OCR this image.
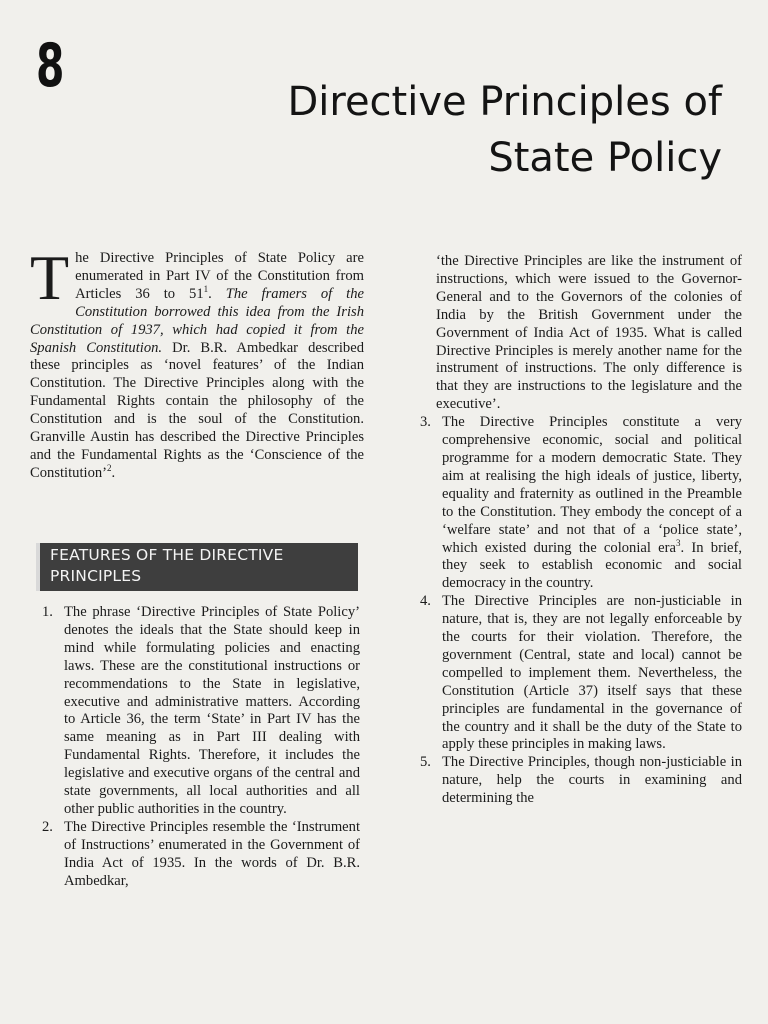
8
Directive Principles of
State Policy

The Directive Principles of State Policy are enumerated in Part IV of the Constitution from Articles 36 to $51^1$. The framers of the Constitution borrowed this idea from the Irish Constitution of 1937, which had copied it from the Spanish Constitution. Dr. B.R. Ambedkar described these principles as ‘novel features’ of the Indian Constitution. The Directive Principles along with the Fundamental Rights contain the philosophy of the Constitution and is the soul of the Constitution. Granville Austin has described the Directive Principles and the Fundamental Rights as the ‘Conscience of the Constitution’$^2$.

FEATURES OF THE DIRECTIVE PRINCIPLES
1. The phrase ‘Directive Principles of State Policy’ denotes the ideals that the State should keep in mind while formulating policies and enacting laws. These are the constitutional instructions or recommendations to the State in legislative, executive and administrative matters. According to Article 36, the term ‘State’ in Part IV has the same meaning as in Part III dealing with Fundamental Rights. Therefore, it includes the legislative and executive organs of the central and state governments, all local authorities and all other public authorities in the country.
2. The Directive Principles resemble the ‘Instrument of Instructions’ enumerated in the Government of India Act of 1935. In the words of Dr. B.R. Ambedkar,

‘the Directive Principles are like the instrument of instructions, which were issued to the Governor-General and to the Governors of the colonies of India by the British Government under the Government of India Act of 1935. What is called Directive Principles is merely another name for the instrument of instructions. The only difference is that they are instructions to the legislature and the executive’.

3. The Directive Principles constitute a very comprehensive economic, social and political programme for a modern democratic State. They aim at realising the high ideals of justice, liberty, equality and fraternity as outlined in the Preamble to the Constitution. They embody the concept of a ‘welfare state’ and not that of a ‘police state’, which existed during the colonial era$^3$. In brief, they seek to establish economic and social democracy in the country.
4. The Directive Principles are non-justiciable in nature, that is, they are not legally enforceable by the courts for their violation. Therefore, the government (Central, state and local) cannot be compelled to implement them. Nevertheless, the Constitution (Article 37) itself says that these principles are fundamental in the governance of the country and it shall be the duty of the State to apply these principles in making laws.
5. The Directive Principles, though non-justiciable in nature, help the courts in examining and determining the
